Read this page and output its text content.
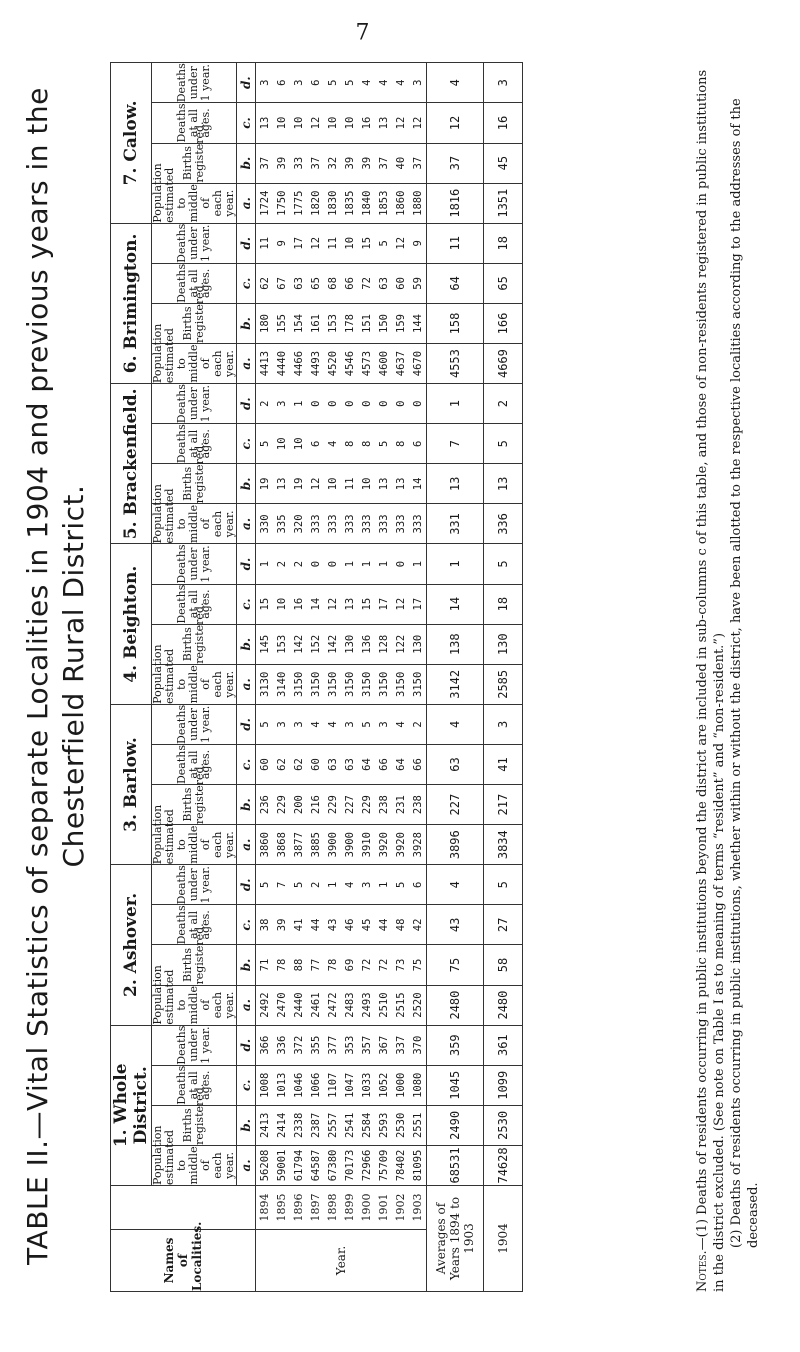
7
TABLE II.—Vital Statistics of separate Localities in 1904 and previous years in the Chesterfield Rural District.
Names of Localities.		1. Whole District.				2. Ashover.				3. Barlow.				4. Beighton.				5. Brackenfield.				6. Brimington.				7. Calow.			
		Population estimated to middle of each year.	Births registered.	Deaths at all ages.	Deaths under 1 year.	Population estimated to middle of each year.	Births registered.	Deaths at all ages.	Deaths under 1 year.	Population estimated to middle of each year.	Births registered.	Deaths at all ages.	Deaths under 1 year.	Population estimated to middle of each year.	Births registered.	Deaths at all ages.	Deaths under 1 year.	Population estimated to middle of each year.	Births registered.	Deaths at all ages.	Deaths under 1 year.	Population estimated to middle of each year.	Births registered.	Deaths at all ages.	Deaths under 1 year.	Population estimated to middle of each year.	Births registered.	Deaths at all ages.	Deaths under 1 year.
		a.	b.	c.	d.	a.	b.	c.	d.	a.	b.	c.	d.	a.	b.	c.	d.	a.	b.	c.	d.	a.	b.	c.	d.	a.	b.	c.	d.
Year.	1894	56208	2413	1008	366	2492	71	38	5	3860	236	60	5	3130	145	15	1	330	19	5	2	4413	180	62	11	1724	37	13	3
	1895	59001	2414	1013	336	2470	78	39	7	3868	229	62	3	3140	153	10	2	335	13	10	3	4440	155	67	9	1750	39	10	6
	1896	61794	2338	1046	372	2440	88	41	5	3877	200	62	3	3150	142	16	2	320	19	10	1	4466	154	63	17	1775	33	10	3
	1897	64587	2387	1066	355	2461	77	44	2	3885	216	60	4	3150	152	14	0	333	12	6	0	4493	161	65	12	1820	37	12	6
	1898	67380	2557	1107	377	2472	78	43	1	3900	229	63	4	3150	142	12	0	333	10	4	0	4520	153	68	11	1830	32	10	5
	1899	70173	2541	1047	353	2483	69	46	4	3900	227	63	3	3150	130	13	1	333	11	8	0	4546	178	66	10	1835	39	10	5
	1900	72966	2584	1033	357	2493	72	45	3	3910	229	64	5	3150	136	15	1	333	10	8	0	4573	151	72	15	1840	39	16	4
	1901	75709	2593	1052	367	2510	72	44	1	3920	238	66	3	3150	128	17	1	333	13	5	0	4600	150	63	5	1853	37	13	4
	1902	78402	2530	1000	337	2515	73	48	5	3920	231	64	4	3150	122	12	0	333	13	8	0	4637	159	60	12	1860	40	12	4
	1903	81095	2551	1080	370	2520	75	42	6	3928	238	66	2	3150	130	17	1	333	14	6	0	4670	144	59	9	1880	37	12	3
Averages of Years 1894 to 1903		68531	2490	1045	359	2480	75	43	4	3896	227	63	4	3142	138	14	1	331	13	7	1	4553	158	64	11	1816	37	12	4
1904		74628	2530	1099	361	2480	58	27	5	3834	217	41	3	2585	130	18	5	336	13	5	2	4669	166	65	18	1351	45	16	3

Notes.—(1) Deaths of residents occurring in public institutions beyond the district are included in sub-columns c of this table, and those of non-residents registered in public institutions in the district excluded. (See note on Table I as to meaning of terms “resident” and “non-resident.”) (2) Deaths of residents occurring in public institutions, whether within or without the district, have been allotted to the respective localities according to the addresses of the deceased.
